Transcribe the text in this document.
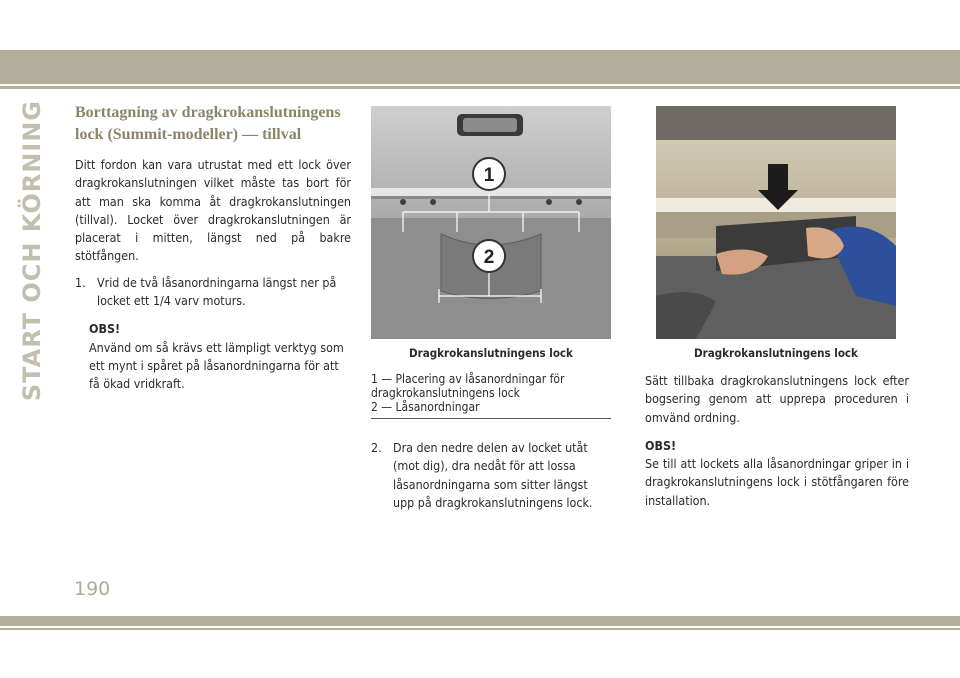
START OCH KÖRNING Borttagning av dragkrokanslutningens
lock (Summit-modeller) — tillval

Ditt fordon kan vara utrustat med ett lock över dragkrokanslutningen vilket måste tas bort för att man ska komma åt dragkrokanslutningen (tillval). Locket över dragkrokanslutningen är placerat i mitten, längst ned på bakre stötfången.

1. Vrid de två låsanordningarna längst ner på locket ett 1/4 varv moturs.
OBS!
Använd om så krävs ett lämpligt verktyg som ett mynt i spåret på låsanordningarna för att få ökad vridkraft.
1
2
Dragkrokanslutningens lock
1 — Placering av låsanordningar för dragkrokanslutningens lock
2 — Låsanordningar
2. Dra den nedre delen av locket utåt (mot dig), dra nedåt för att lossa låsanordningarna som sitter längst upp på dragkrokanslutningens lock.
Dragkrokanslutningens lock

Sätt tillbaka dragkrokanslutningens lock efter bogsering genom att upprepa proceduren i omvänd ordning.

OBS!
Se till att lockets alla låsanordningar griper in i dragkrokanslutningens lock i stötfångaren före installation.
190
